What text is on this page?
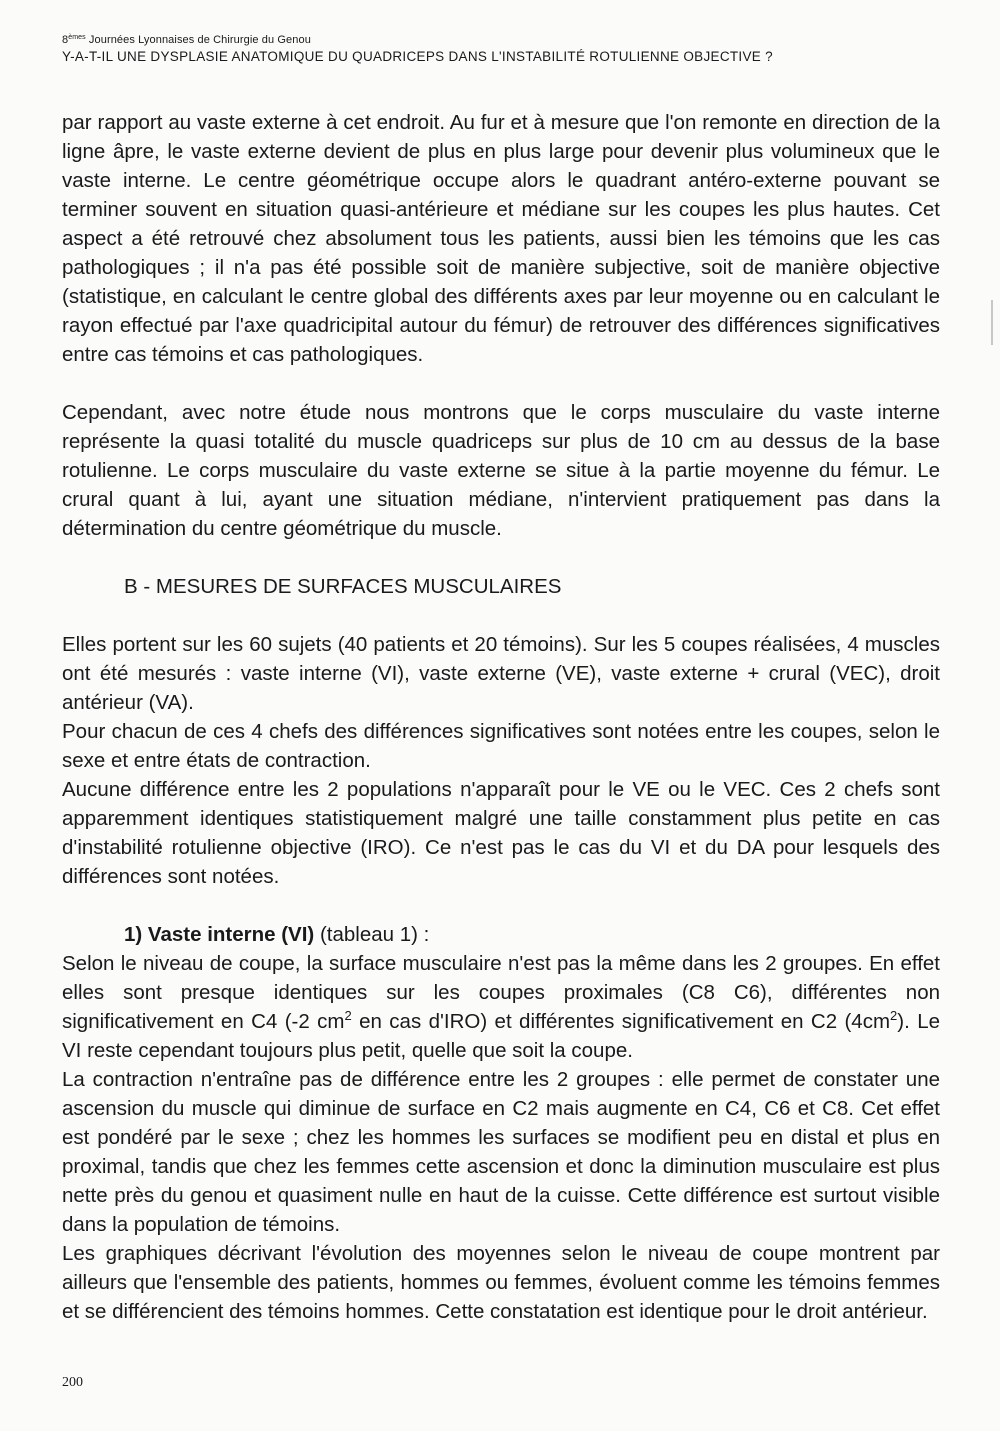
8èmes Journées Lyonnaises de Chirurgie du Genou
Y-A-T-IL UNE DYSPLASIE ANATOMIQUE DU QUADRICEPS DANS L'INSTABILITÉ ROTULIENNE OBJECTIVE ?

par rapport au vaste externe à cet endroit. Au fur et à mesure que l'on remonte en direction de la ligne âpre, le vaste externe devient de plus en plus large pour devenir plus volumineux que le vaste interne. Le centre géométrique occupe alors le quadrant antéro-externe pouvant se terminer souvent en situation quasi-antérieure et médiane sur les coupes les plus hautes. Cet aspect a été retrouvé chez absolument tous les patients, aussi bien les témoins que les cas pathologiques ; il n'a pas été possible soit de manière subjective, soit de manière objective (statistique, en calculant le centre global des différents axes par leur moyenne ou en calculant le rayon effectué par l'axe quadricipital autour du fémur) de retrouver des différences significatives entre cas témoins et cas pathologiques.

Cependant, avec notre étude nous montrons que le corps musculaire du vaste interne représente la quasi totalité du muscle quadriceps sur plus de 10 cm au dessus de la base rotulienne. Le corps musculaire du vaste externe se situe à la partie moyenne du fémur. Le crural quant à lui, ayant une situation médiane, n'intervient pratiquement pas dans la détermination du centre géométrique du muscle.

B - MESURES DE SURFACES MUSCULAIRES

Elles portent sur les 60 sujets (40 patients et 20 témoins). Sur les 5 coupes réalisées, 4 muscles ont été mesurés : vaste interne (VI), vaste externe (VE), vaste externe + crural (VEC), droit antérieur (VA).

Pour chacun de ces 4 chefs des différences significatives sont notées entre les coupes, selon le sexe et entre états de contraction.

Aucune différence entre les 2 populations n'apparaît pour le VE ou le VEC. Ces 2 chefs sont apparemment identiques statistiquement malgré une taille constamment plus petite en cas d'instabilité rotulienne objective (IRO). Ce n'est pas le cas du VI et du DA pour lesquels des différences sont notées.

1) Vaste interne (VI) (tableau 1) :

Selon le niveau de coupe, la surface musculaire n'est pas la même dans les 2 groupes. En effet elles sont presque identiques sur les coupes proximales (C8 C6), différentes non significativement en C4 (-2 $cm^2$ en cas d'IRO) et différentes significativement en C2 $(4cm^2)$. Le VI reste cependant toujours plus petit, quelle que soit la coupe.

La contraction n'entraîne pas de différence entre les 2 groupes : elle permet de constater une ascension du muscle qui diminue de surface en C2 mais augmente en C4, C6 et C8. Cet effet est pondéré par le sexe ; chez les hommes les surfaces se modifient peu en distal et plus en proximal, tandis que chez les femmes cette ascension et donc la diminution musculaire est plus nette près du genou et quasiment nulle en haut de la cuisse. Cette différence est surtout visible dans la population de témoins.

Les graphiques décrivant l'évolution des moyennes selon le niveau de coupe montrent par ailleurs que l'ensemble des patients, hommes ou femmes, évoluent comme les témoins femmes et se différencient des témoins hommes. Cette constatation est identique pour le droit antérieur.

200
